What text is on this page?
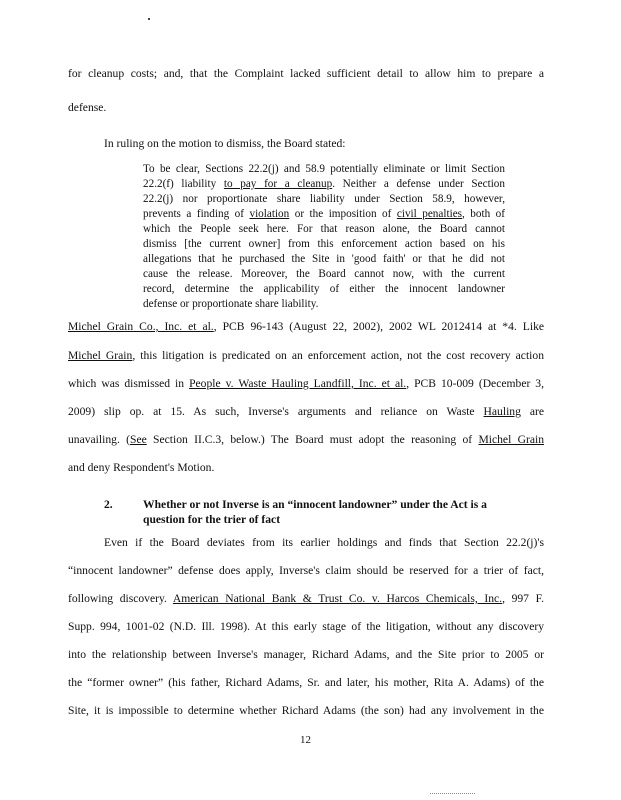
for cleanup costs; and, that the Complaint lacked sufficient detail to allow him to prepare a
defense.
In ruling on the motion to dismiss, the Board stated:
To be clear, Sections 22.2(j) and 58.9 potentially eliminate or limit Section
22.2(f) liability to pay for a cleanup. Neither a defense under Section
22.2(j) nor proportionate share liability under Section 58.9, however,
prevents a finding of violation or the imposition of civil penalties, both of
which the People seek here. For that reason alone, the Board cannot
dismiss [the current owner] from this enforcement action based on his
allegations that he purchased the Site in 'good faith' or that he did not
cause the release. Moreover, the Board cannot now, with the current
record, determine the applicability of either the innocent landowner
defense or proportionate share liability.
Michel Grain Co., Inc. et al., PCB 96-143 (August 22, 2002), 2002 WL 2012414 at *4. Like
Michel Grain, this litigation is predicated on an enforcement action, not the cost recovery action
which was dismissed in People v. Waste Hauling Landfill, Inc. et al., PCB 10-009 (December 3,
2009) slip op. at 15. As such, Inverse's arguments and reliance on Waste Hauling are
unavailing. (See Section II.C.3, below.) The Board must adopt the reasoning of Michel Grain
and deny Respondent's Motion.
2.	Whether or not Inverse is an “innocent landowner” under the Act is a
question for the trier of fact
Even if the Board deviates from its earlier holdings and finds that Section 22.2(j)'s
“innocent landowner” defense does apply, Inverse's claim should be reserved for a trier of fact,
following discovery. American National Bank & Trust Co. v. Harcos Chemicals, Inc., 997 F.
Supp. 994, 1001-02 (N.D. Ill. 1998). At this early stage of the litigation, without any discovery
into the relationship between Inverse's manager, Richard Adams, and the Site prior to 2005 or
the “former owner” (his father, Richard Adams, Sr. and later, his mother, Rita A. Adams) of the
Site, it is impossible to determine whether Richard Adams (the son) had any involvement in the
12
